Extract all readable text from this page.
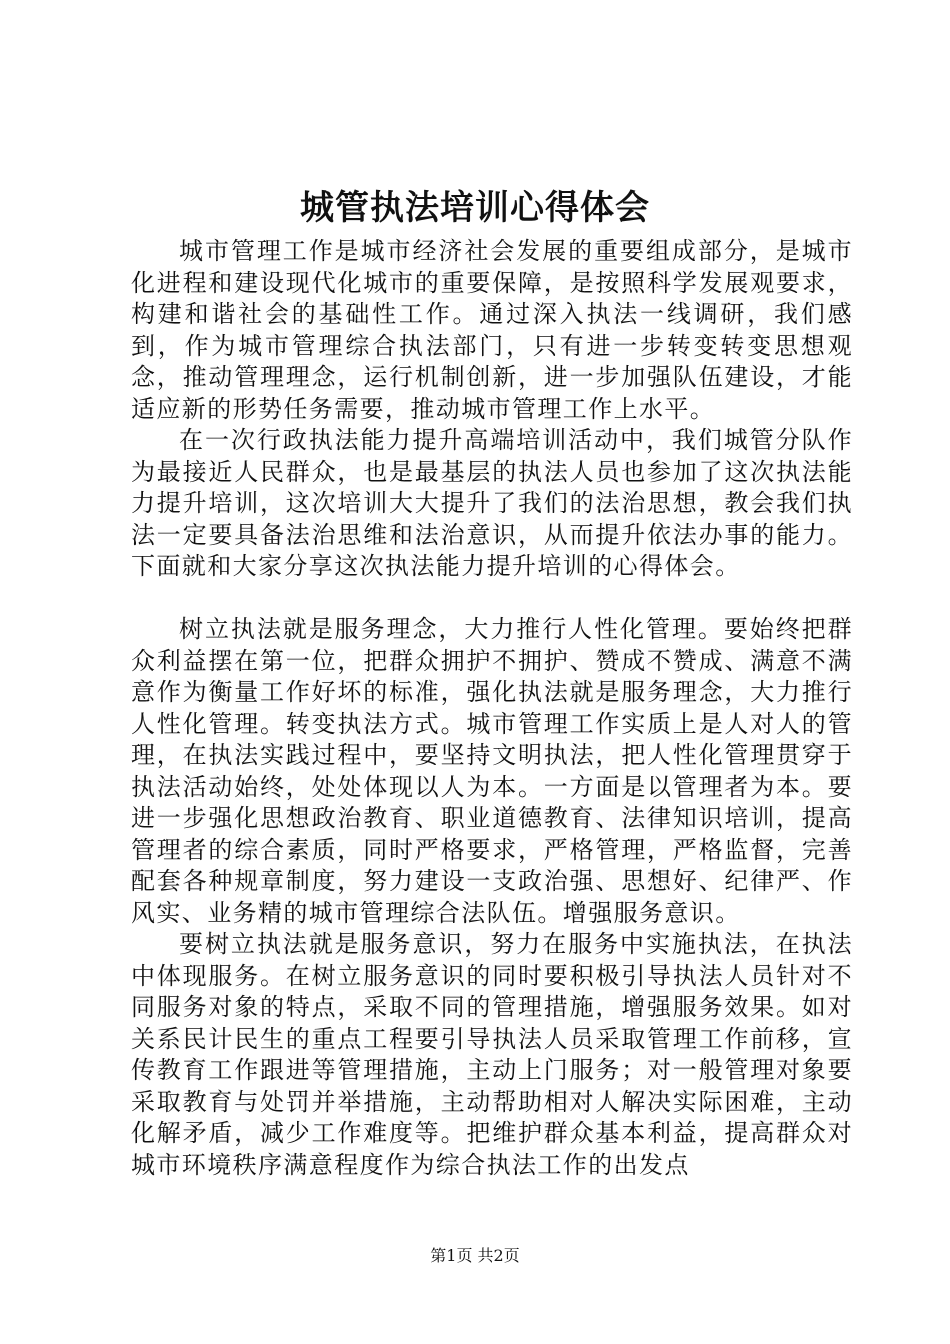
城管执法培训心得体会

城市管理工作是城市经济社会发展的重要组成部分，是城市化进程和建设现代化城市的重要保障，是按照科学发展观要求，构建和谐社会的基础性工作。通过深入执法一线调研，我们感到，作为城市管理综合执法部门，只有进一步转变转变思想观念，推动管理理念，运行机制创新，进一步加强队伍建设，才能适应新的形势任务需要，推动城市管理工作上水平。

在一次行政执法能力提升高端培训活动中，我们城管分队作为最接近人民群众，也是最基层的执法人员也参加了这次执法能力提升培训，这次培训大大提升了我们的法治思想，教会我们执法一定要具备法治思维和法治意识，从而提升依法办事的能力。下面就和大家分享这次执法能力提升培训的心得体会。

树立执法就是服务理念，大力推行人性化管理。要始终把群众利益摆在第一位，把群众拥护不拥护、赞成不赞成、满意不满意作为衡量工作好坏的标准，强化执法就是服务理念，大力推行人性化管理。转变执法方式。城市管理工作实质上是人对人的管理，在执法实践过程中，要坚持文明执法，把人性化管理贯穿于执法活动始终，处处体现以人为本。一方面是以管理者为本。要进一步强化思想政治教育、职业道德教育、法律知识培训，提高管理者的综合素质，同时严格要求，严格管理，严格监督，完善配套各种规章制度，努力建设一支政治强、思想好、纪律严、作风实、业务精的城市管理综合法队伍。增强服务意识。

要树立执法就是服务意识，努力在服务中实施执法，在执法中体现服务。在树立服务意识的同时要积极引导执法人员针对不同服务对象的特点，采取不同的管理措施，增强服务效果。如对关系民计民生的重点工程要引导执法人员采取管理工作前移，宣传教育工作跟进等管理措施，主动上门服务；对一般管理对象要采取教育与处罚并举措施，主动帮助相对人解决实际困难，主动化解矛盾，减少工作难度等。把维护群众基本利益，提高群众对城市环境秩序满意程度作为综合执法工作的出发点

第1页 共2页
